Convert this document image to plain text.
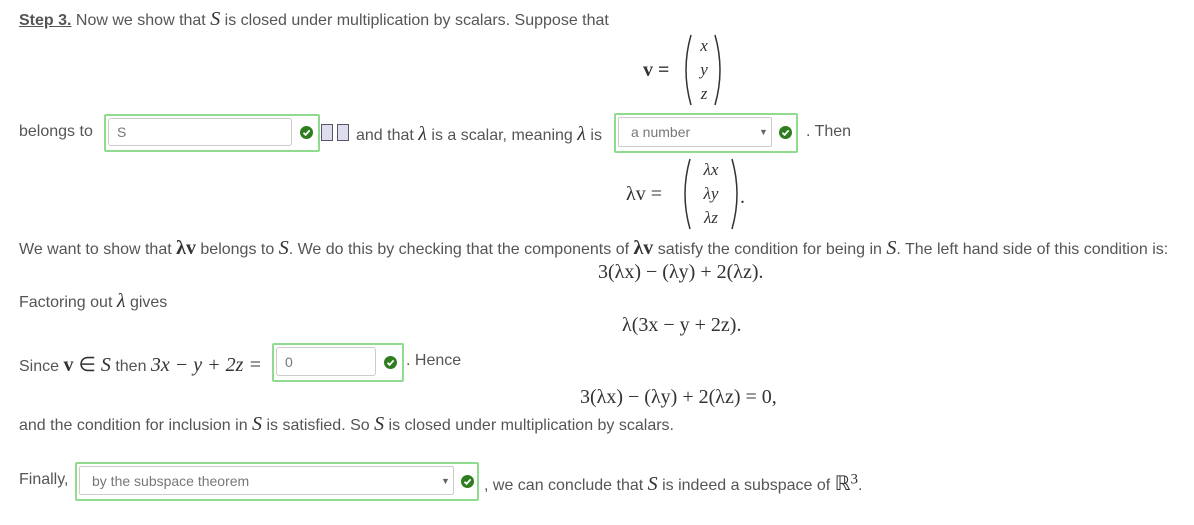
Step 3. Now we show that S is closed under multiplication by scalars. Suppose that
v =
x
y
z
belongs to	S	and that λ is a scalar, meaning λ is	a number	▼ . Then
λv =
λx
λy
λz
.
We want to show that λv belongs to S. We do this by checking that the components of λv satisfy the condition for being in S. The left hand side of this condition is:
3(λx) − (λy) + 2(λz).
Factoring out λ gives
λ(3x − y + 2z).
Since v ∈ S then 3x − y + 2z =	0	. Hence
3(λx) − (λy) + 2(λz) = 0,
and the condition for inclusion in S is satisfied. So S is closed under multiplication by scalars.
Finally,	by the subspace theorem	▼ , we can conclude that S is indeed a subspace of ℝ$^3$.
